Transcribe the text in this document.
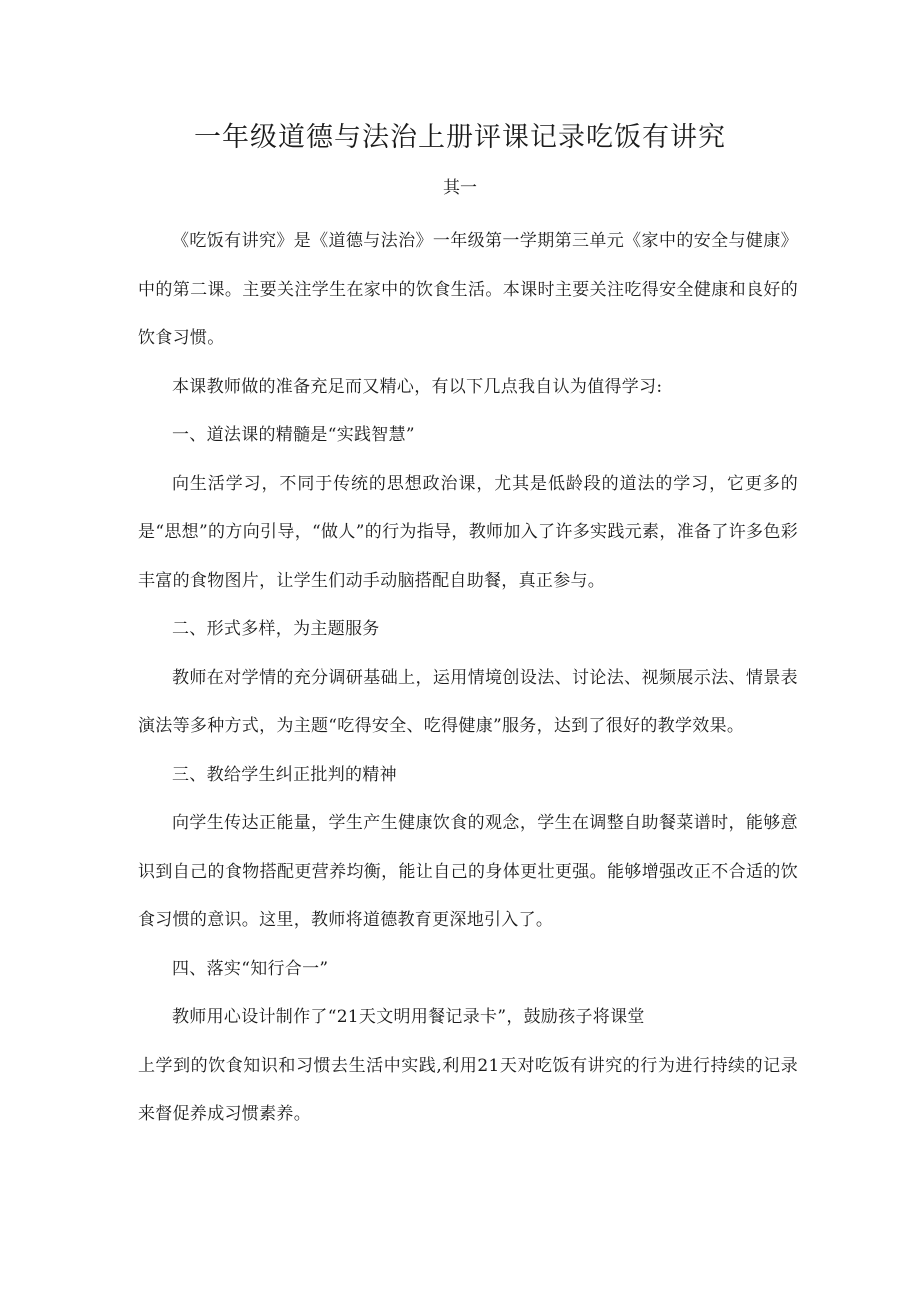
一年级道德与法治上册评课记录吃饭有讲究
其一

《吃饭有讲究》是《道德与法治》一年级第一学期第三单元《家中的安全与健康》中的第二课。主要关注学生在家中的饮食生活。本课时主要关注吃得安全健康和良好的饮食习惯。

本课教师做的准备充足而又精心，有以下几点我自认为值得学习:

一、道法课的精髓是“实践智慧”

向生活学习，不同于传统的思想政治课，尤其是低龄段的道法的学习，它更多的是“思想”的方向引导，“做人”的行为指导，教师加入了许多实践元素，准备了许多色彩丰富的食物图片，让学生们动手动脑搭配自助餐，真正参与。

二、形式多样，为主题服务

教师在对学情的充分调研基础上，运用情境创设法、讨论法、视频展示法、情景表演法等多种方式，为主题“吃得安全、吃得健康”服务，达到了很好的教学效果。

三、教给学生纠正批判的精神

向学生传达正能量，学生产生健康饮食的观念，学生在调整自助餐菜谱时，能够意识到自己的食物搭配更营养均衡，能让自己的身体更壮更强。能够增强改正不合适的饮食习惯的意识。这里，教师将道德教育更深地引入了。

四、落实“知行合一”

教师用心设计制作了“21天文明用餐记录卡”，鼓励孩子将课堂

上学到的饮食知识和习惯去生活中实践,利用21天对吃饭有讲究的行为进行持续的记录来督促养成习惯素养。
